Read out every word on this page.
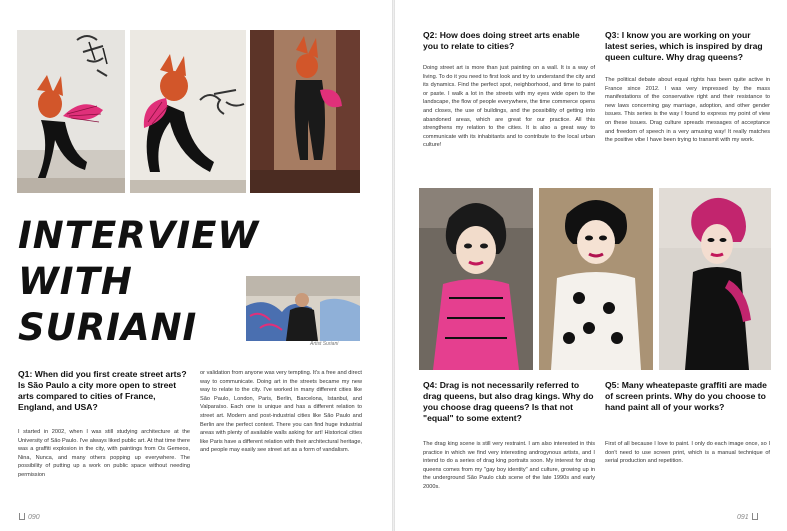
INTERVIEW WITH
SURIANI	Artist Suriani
Q1: When did you first create street arts? Is São Paulo a city more open to street arts compared to cities of France, England, and USA?
I started in 2002, when I was still studying architecture at the University of São Paulo. I've always liked public art. At that time there was a graffiti explosion in the city, with paintings from Os Gemeos, Nina, Nunca, and many others popping up everywhere. The possibility of putting up a work on public space without needing permission
or validation from anyone was very tempting. It's a free and direct way to communicate. Doing art in the streets became my new way to relate to the city. I've worked in many different cities like São Paulo, London, Paris, Berlin, Barcelona, Istanbul, and Valparaíso. Each one is unique and has a different relation to street art. Modern and post-industrial cities like São Paulo and Berlin are the perfect context. There you can find huge industrial areas with plenty of available walls asking for art! Historical cities like Paris have a different relation with their architectural heritage, and people may easily see street art as a form of vandalism.
090
Q2: How does doing street arts enable you to relate to cities?
Doing street art is more than just painting on a wall. It is a way of living. To do it you need to first look and try to understand the city and its dynamics. Find the perfect spot, neighborhood, and time to paint or paste. I walk a lot in the streets with my eyes wide open to the landscape, the flow of people everywhere, the time commerce opens and closes, the use of buildings, and the possibility of getting into abandoned areas, which are great for our practice. All this strengthens my relation to the cities. It is also a great way to communicate with its inhabitants and to contribute to the local urban culture!
Q3: I know you are working on your latest series, which is inspired by drag queen culture. Why drag queens?
The political debate about equal rights has been quite active in France since 2012. I was very impressed by the mass manifestations of the conservative right and their resistance to new laws concerning gay marriage, adoption, and other gender issues. This series is the way I found to express my point of view on these issues. Drag culture spreads messages of acceptance and freedom of speech in a very amusing way! It really matches the positive vibe I have been trying to transmit with my work.
Q4: Drag is not necessarily referred to drag queens, but also drag kings. Why do you choose drag queens? Is that not "equal" to some extent?
The drag king scene is still very restraint. I am also interested in this practice in which we find very interesting androgynous artists, and I intend to do a series of drag king portraits soon. My interest for drag queens comes from my "gay boy identity" and culture, growing up in the underground São Paulo club scene of the late 1990s and early 2000s.
Q5: Many wheatepaste graffiti are made of screen prints. Why do you choose to hand paint all of your works?
First of all because I love to paint. I only do each image once, so I don't need to use screen print, which is a manual technique of serial production and repetition.
091
